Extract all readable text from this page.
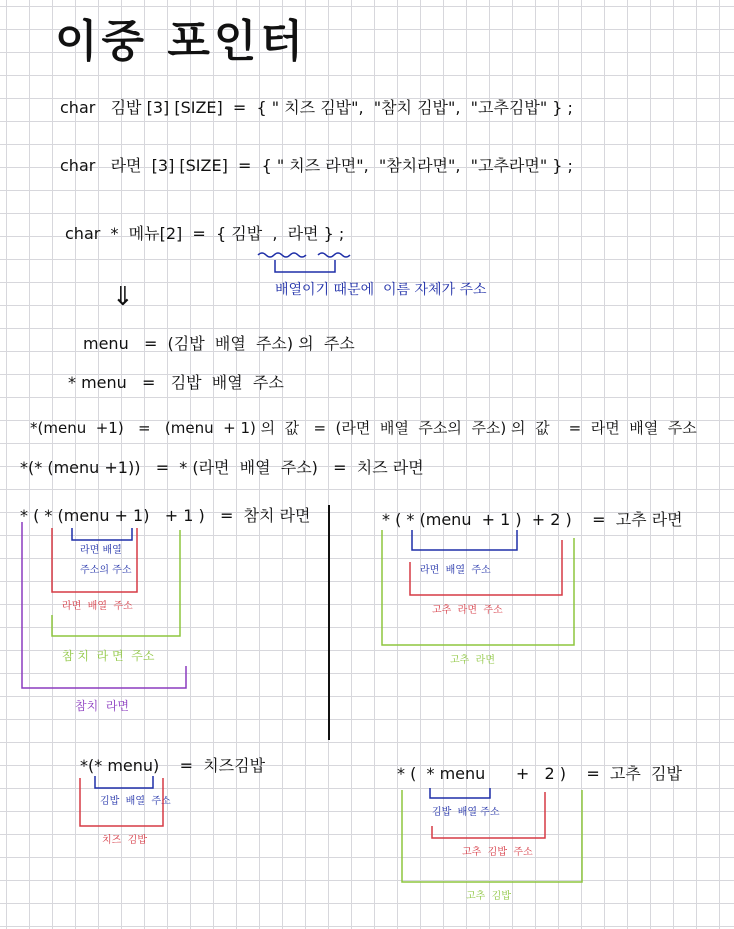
이중 포인터
char   김밥 [3] [SIZE]  =  { " 치즈 김밥",  "참치 김밥",  "고추김밥" } ;
char   라면  [3] [SIZE]  =  { " 치즈 라면",  "참치라면",  "고추라면" } ;
char  *  메뉴[2]  =  { 김밥  ,  라면 } ;
배열이기 때문에  이름 자체가 주소
⇓
menu   =  (김밥  배열  주소) 의  주소
* menu   =   김밥  배열  주소
*(menu  +1)   =   (menu  + 1) 의  값   =  (라면  배열  주소의  주소) 의  값    =  라면  배열  주소
*(* (menu +1))   =  * (라면  배열  주소)   =  치즈 라면
* ( * (menu + 1)   + 1 )   =  참치 라면
라면 배열
주소의 주소
라면  배열  주소
참 치  라 면  주소
참치  라면
* ( * (menu  + 1 )  + 2 )    =  고추 라면
라면  배열  주소
고추  라면  주소
고추  라면
*(* menu)    =  치즈김밥
김밥  배열  주소
치즈  김밥
* (  * menu      +   2 )    =  고추  김밥
김밥  배열 주소
고추  김밥  주소
고추  김밥
